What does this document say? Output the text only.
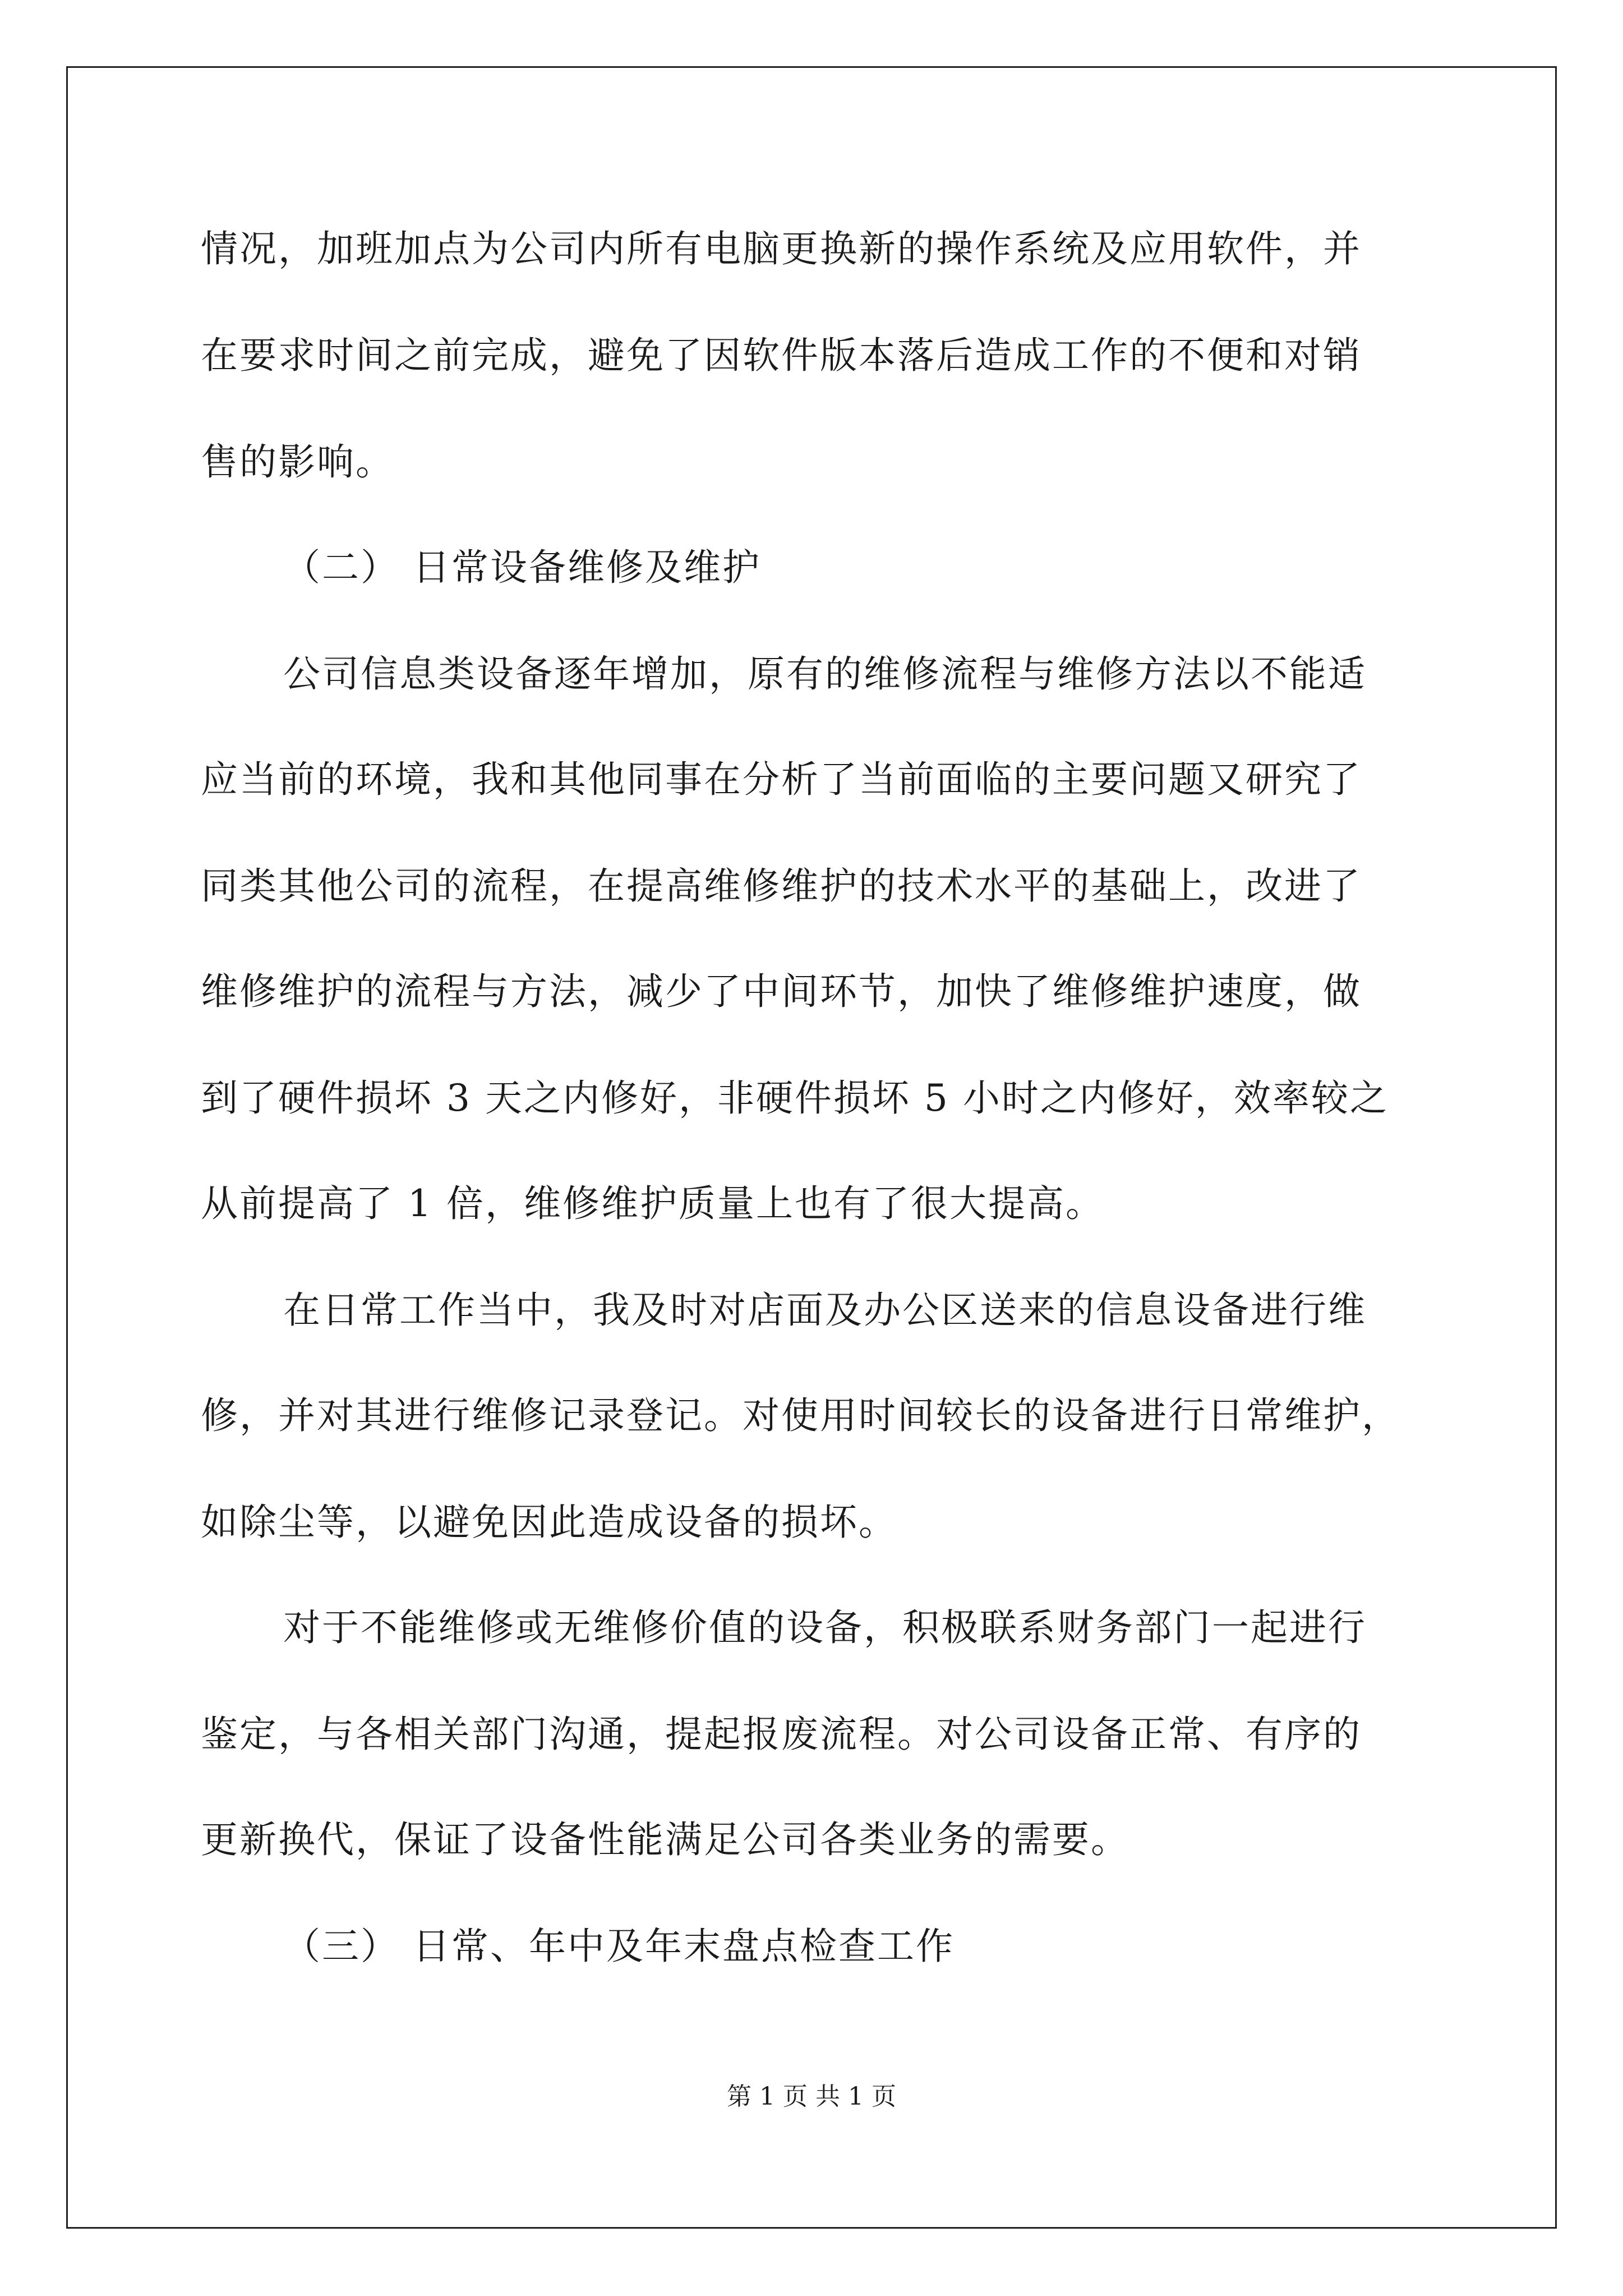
情况，加班加点为公司内所有电脑更换新的操作系统及应用软件，并
在要求时间之前完成，避免了因软件版本落后造成工作的不便和对销
售的影响。
（二） 日常设备维修及维护
公司信息类设备逐年增加，原有的维修流程与维修方法以不能适
应当前的环境，我和其他同事在分析了当前面临的主要问题又研究了
同类其他公司的流程，在提高维修维护的技术水平的基础上，改进了
维修维护的流程与方法，减少了中间环节，加快了维修维护速度，做
到了硬件损坏 3 天之内修好，非硬件损坏 5 小时之内修好，效率较之
从前提高了 1 倍，维修维护质量上也有了很大提高。
在日常工作当中，我及时对店面及办公区送来的信息设备进行维
修，并对其进行维修记录登记。对使用时间较长的设备进行日常维护，
如除尘等，以避免因此造成设备的损坏。
对于不能维修或无维修价值的设备，积极联系财务部门一起进行
鉴定，与各相关部门沟通，提起报废流程。对公司设备正常、有序的
更新换代，保证了设备性能满足公司各类业务的需要。
（三） 日常、年中及年末盘点检查工作
第 1 页 共 1 页
